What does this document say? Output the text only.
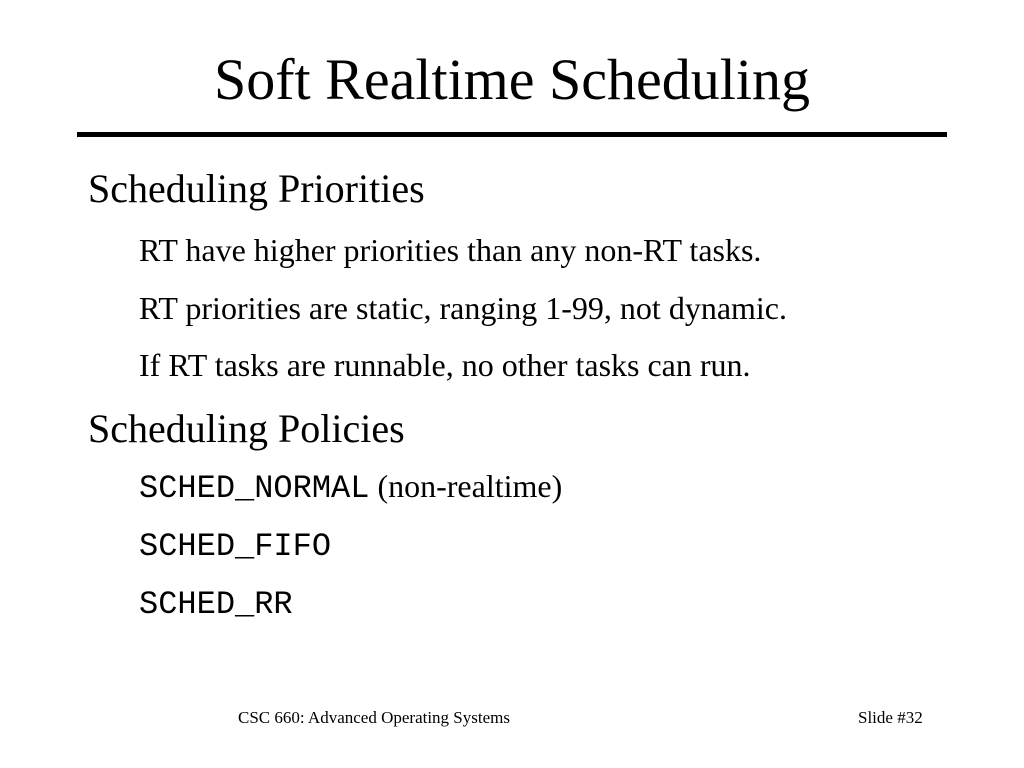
Soft Realtime Scheduling
Scheduling Priorities
RT have higher priorities than any non-RT tasks.
RT priorities are static, ranging 1-99, not dynamic.
If RT tasks are runnable, no other tasks can run.
Scheduling Policies
SCHED_NORMAL (non-realtime)
SCHED_FIFO
SCHED_RR
CSC 660: Advanced Operating Systems	Slide #32
